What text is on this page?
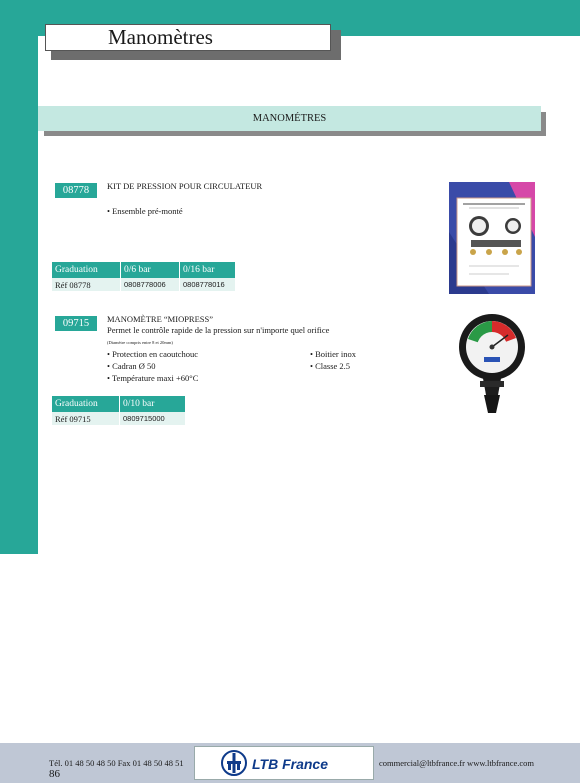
Manomètres
MANOMÉTRES
08778	KIT DE PRESSION POUR CIRCULATEUR
• Ensemble pré-monté
Graduation	0/6 bar	0/16 bar
Réf 08778	0808778006	0808778016
09715	MANOMÈTRE “MIOPRESS”
Permet le contrôle rapide de la pression sur n'importe quel orifice
(Diamètre compris entre 8 et 20mm)
• Protection en caoutchouc
• Cadran Ø 50
• Température maxi +60°C
• Boitier inox
• Classe 2.5
Graduation	0/10 bar
Réf 09715	0809715000
Tél. 01 48 50 48 50 Fax 01 48 50 48 51	LTB France	commercial@ltbfrance.fr www.ltbfrance.com
86
